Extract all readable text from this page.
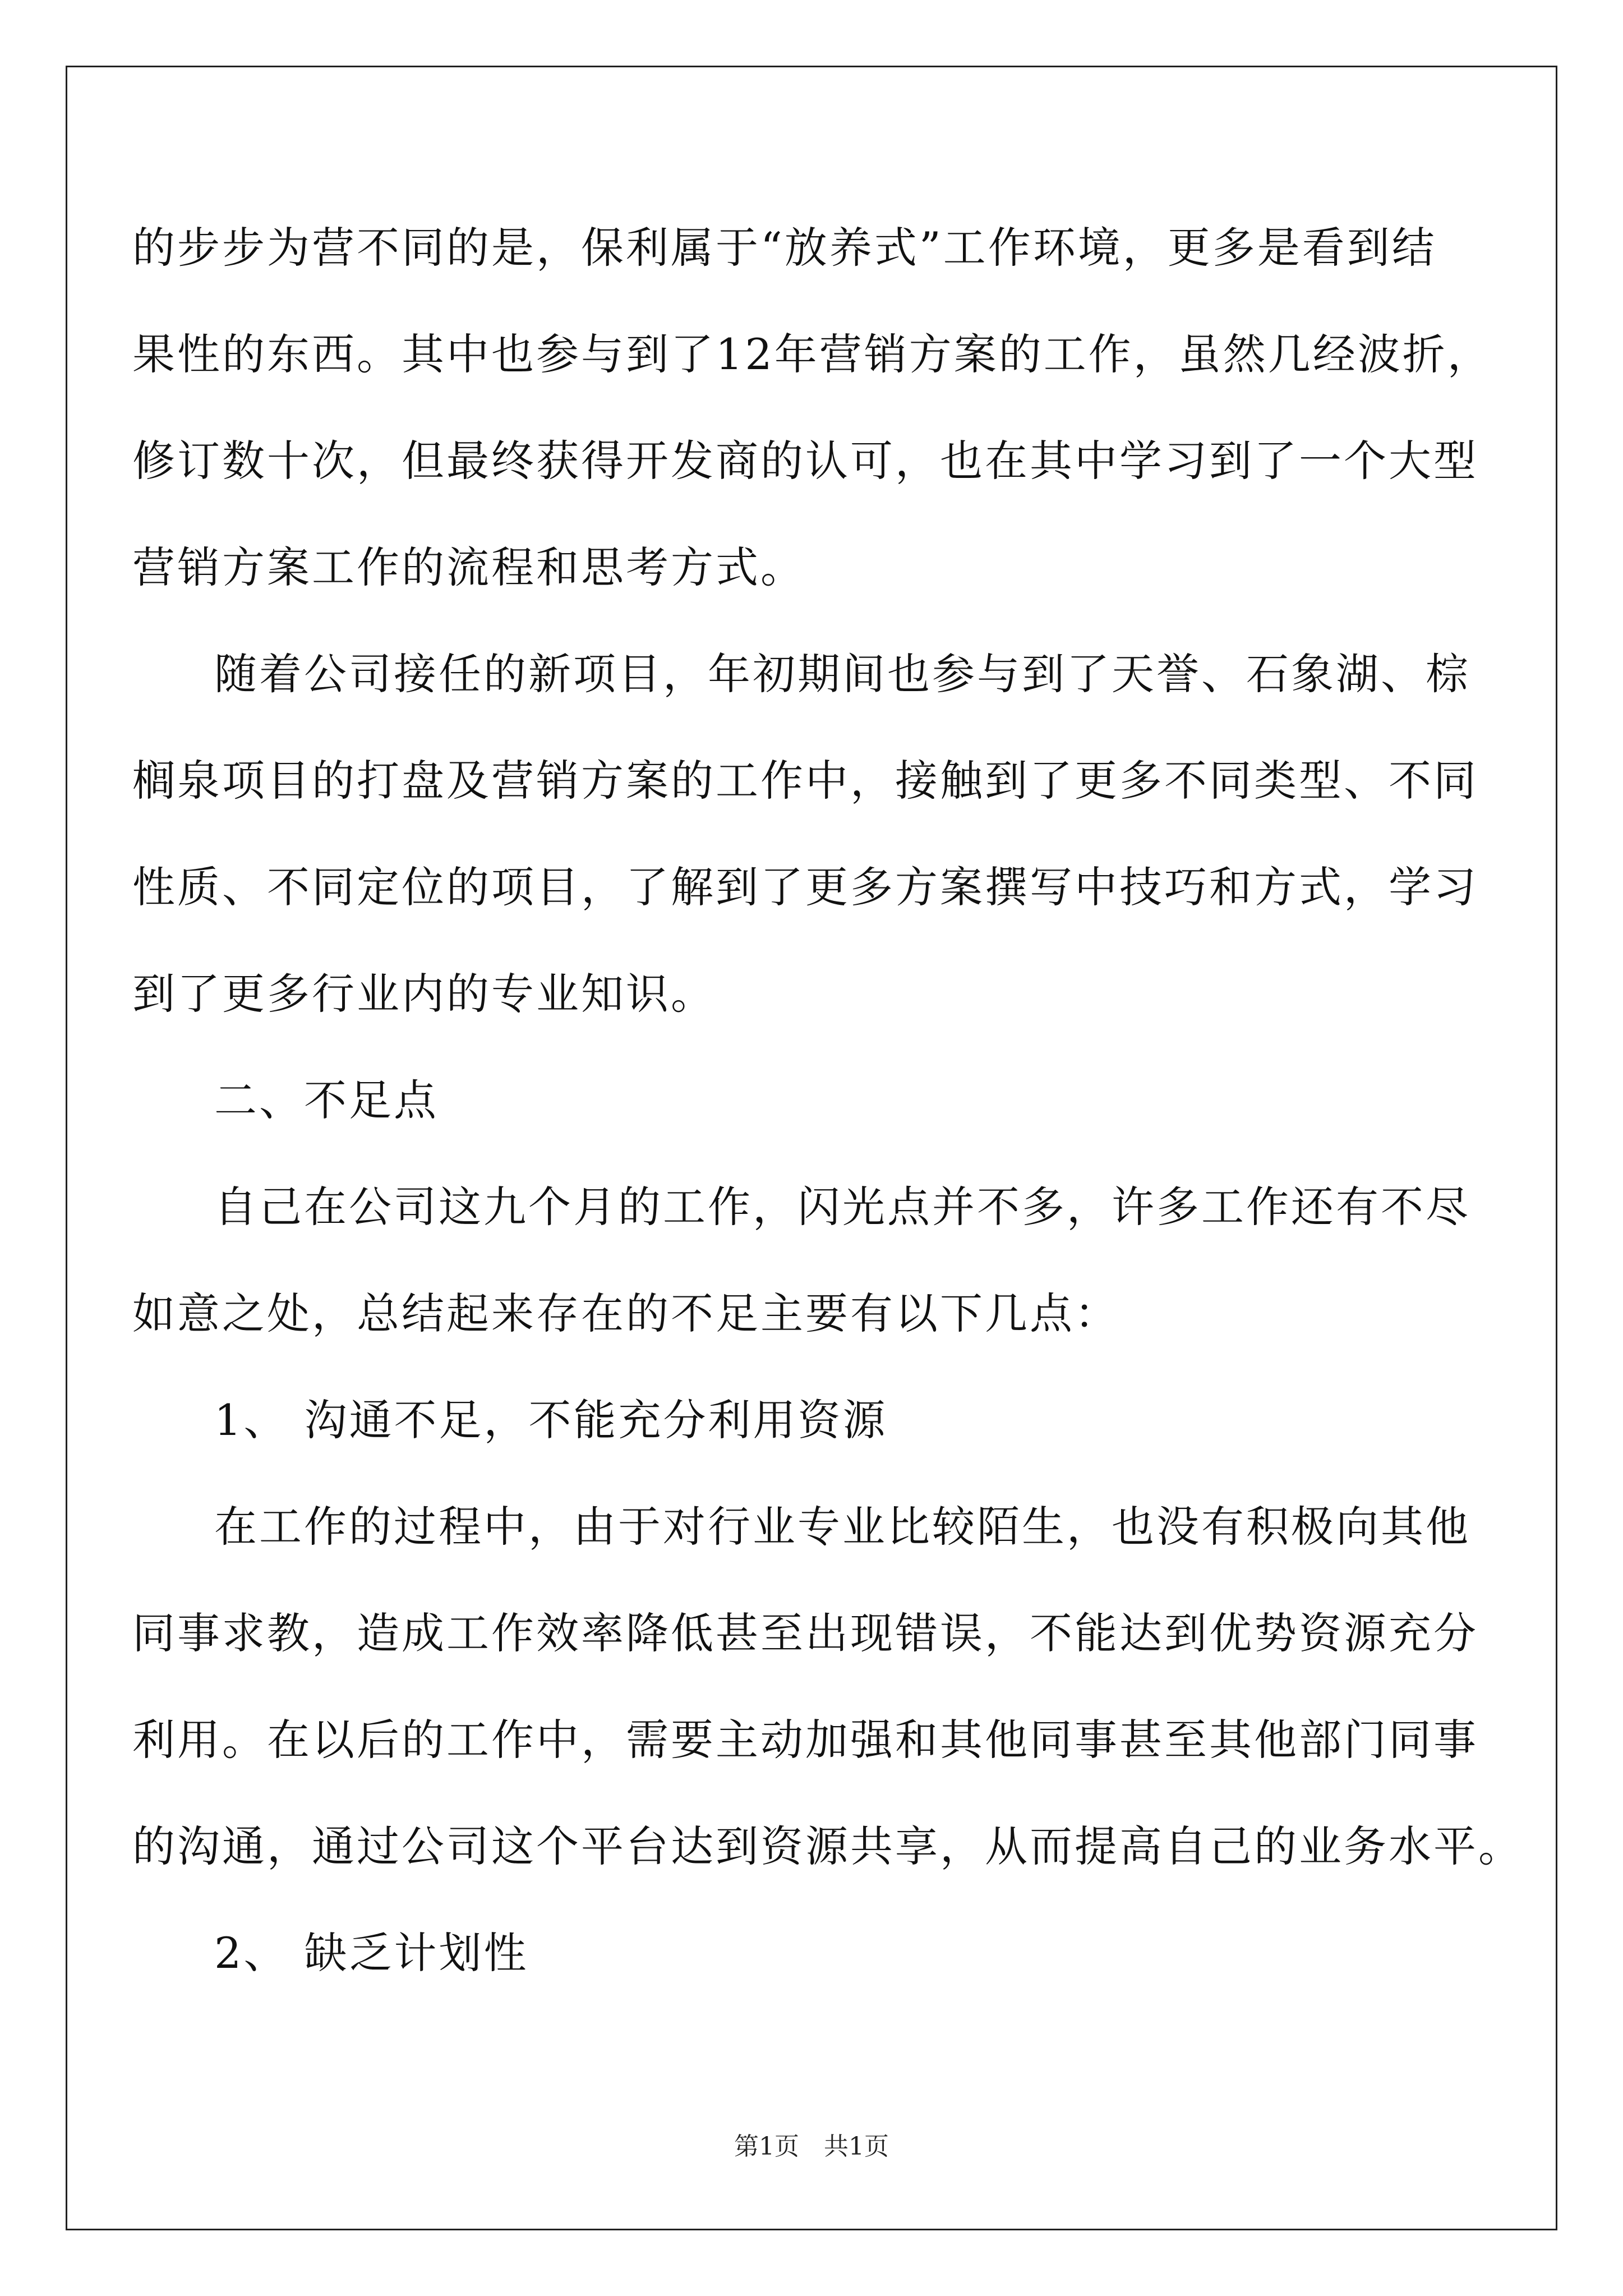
的步步为营不同的是，保利属于“放养式”工作环境，更多是看到结
果性的东西。其中也参与到了12年营销方案的工作，虽然几经波折，
修订数十次，但最终获得开发商的认可，也在其中学习到了一个大型
营销方案工作的流程和思考方式。
随着公司接任的新项目，年初期间也参与到了天誉、石象湖、棕
榈泉项目的打盘及营销方案的工作中，接触到了更多不同类型、不同
性质、不同定位的项目，了解到了更多方案撰写中技巧和方式，学习
到了更多行业内的专业知识。
二、不足点
自己在公司这九个月的工作，闪光点并不多，许多工作还有不尽
如意之处，总结起来存在的不足主要有以下几点：
1、 沟通不足，不能充分利用资源
在工作的过程中，由于对行业专业比较陌生，也没有积极向其他
同事求教，造成工作效率降低甚至出现错误，不能达到优势资源充分
利用。在以后的工作中，需要主动加强和其他同事甚至其他部门同事
的沟通，通过公司这个平台达到资源共享，从而提高自己的业务水平。
2、 缺乏计划性
第1页　共1页
